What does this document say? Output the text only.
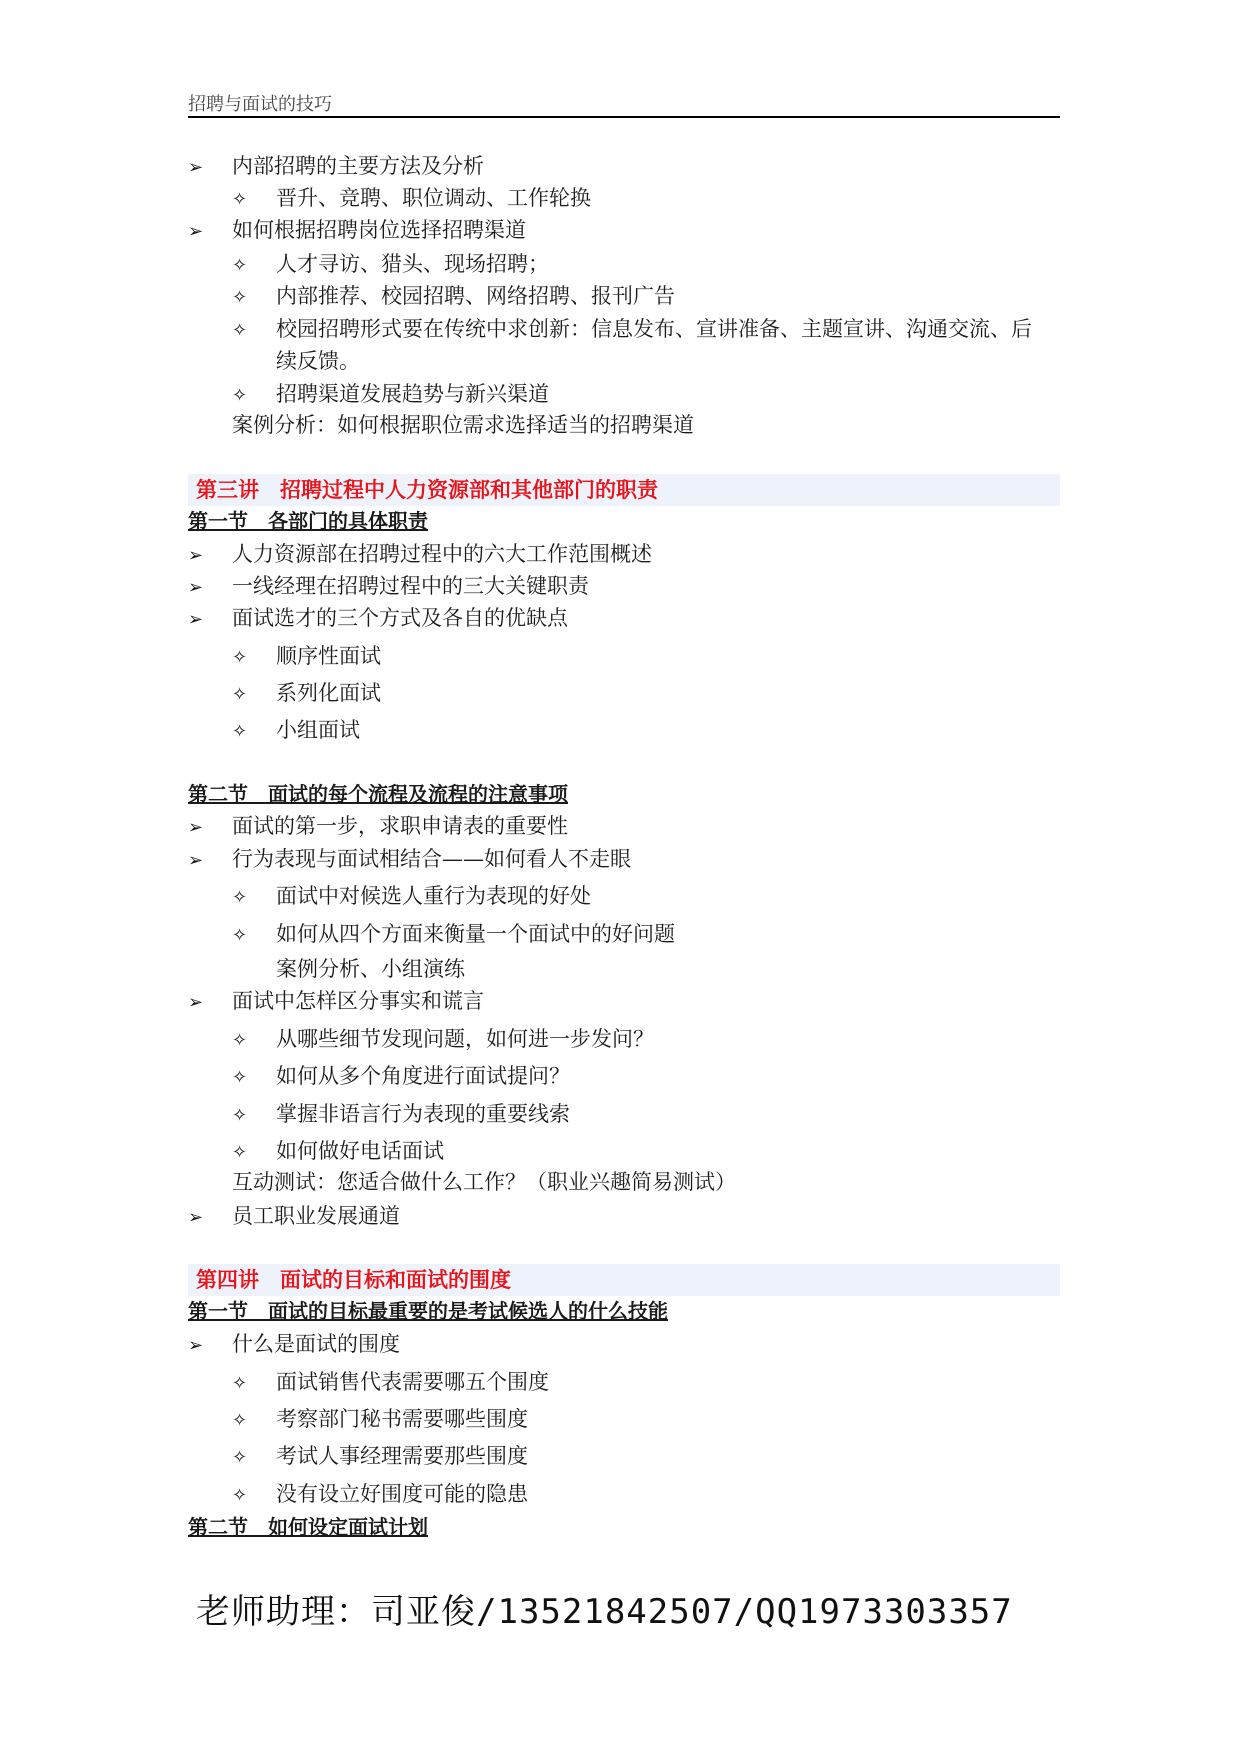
招聘与面试的技巧
➢ 内部招聘的主要方法及分析
✧ 晋升、竞聘、职位调动、工作轮换
➢ 如何根据招聘岗位选择招聘渠道
✧ 人才寻访、猎头、现场招聘；
✧ 内部推荐、校园招聘、网络招聘、报刊广告
✧ 校园招聘形式要在传统中求创新：信息发布、宣讲准备、主题宣讲、沟通交流、后
续反馈。
✧ 招聘渠道发展趋势与新兴渠道
案例分析：如何根据职位需求选择适当的招聘渠道
第三讲　招聘过程中人力资源部和其他部门的职责
第一节　各部门的具体职责
➢ 人力资源部在招聘过程中的六大工作范围概述
➢ 一线经理在招聘过程中的三大关键职责
➢ 面试选才的三个方式及各自的优缺点
✧ 顺序性面试
✧ 系列化面试
✧ 小组面试
第二节　面试的每个流程及流程的注意事项
➢ 面试的第一步，求职申请表的重要性
➢ 行为表现与面试相结合——如何看人不走眼
✧ 面试中对候选人重行为表现的好处
✧ 如何从四个方面来衡量一个面试中的好问题
案例分析、小组演练
➢ 面试中怎样区分事实和谎言
✧ 从哪些细节发现问题，如何进一步发问？
✧ 如何从多个角度进行面试提问？
✧ 掌握非语言行为表现的重要线索
✧ 如何做好电话面试
互动测试：您适合做什么工作？（职业兴趣简易测试）
➢ 员工职业发展通道
第四讲　面试的目标和面试的围度
第一节　面试的目标最重要的是考试候选人的什么技能
➢ 什么是面试的围度
✧ 面试销售代表需要哪五个围度
✧ 考察部门秘书需要哪些围度
✧ 考试人事经理需要那些围度
✧ 没有设立好围度可能的隐患
第二节　如何设定面试计划
老师助理：司亚俊/13521842507/QQ1973303357
